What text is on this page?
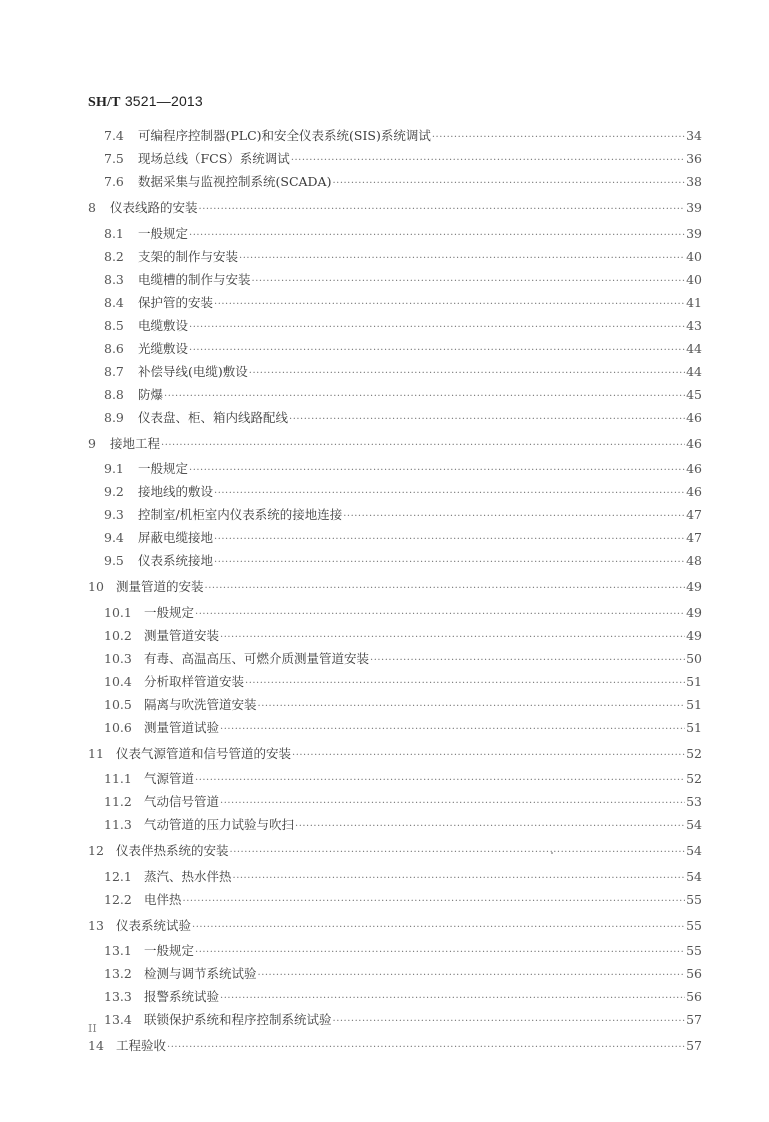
SH/T 3521—2013
7.4	可编程序控制器(PLC)和安全仪表系统(SIS)系统调试 ·····	34
7.5	现场总线（FCS）系统调试 ·····	36
7.6	数据采集与监视控制系统(SCADA) ·····	38
8	仪表线路的安装 ·····	39
8.1	一般规定 ·····	39
8.2	支架的制作与安装 ·····	40
8.3	电缆槽的制作与安装 ·····	40
8.4	保护管的安装 ·····	41
8.5	电缆敷设 ·····	43
8.6	光缆敷设 ·····	44
8.7	补偿导线(电缆)敷设 ·····	44
8.8	防爆 ·····	45
8.9	仪表盘、柜、箱内线路配线 ·····	46
9	接地工程 ·····	46
9.1	一般规定 ·····	46
9.2	接地线的敷设 ·····	46
9.3	控制室/机柜室内仪表系统的接地连接 ·····	47
9.4	屏蔽电缆接地 ·····	47
9.5	仪表系统接地 ·····	48
10 测量管道的安装 ·····	49
10.1 一般规定 ·····	49
10.2 测量管道安装 ·····	49
10.3 有毒、高温高压、可燃介质测量管道安装 ·····	50
10.4 分析取样管道安装 ·····	51
10.5 隔离与吹洗管道安装 ·····	51
10.6 测量管道试验 ·····	51
11 仪表气源管道和信号管道的安装 ·····	52
11.1 气源管道 ·····	52
11.2 气动信号管道 ·····	53
11.3 气动管道的压力试验与吹扫 ·····	54
12 仪表伴热系统的安装 ·····	54
12.1 蒸汽、热水伴热 ·····	54
12.2 电伴热 ·····	55
13 仪表系统试验 ·····	55
13.1 一般规定 ·····	55
13.2 检测与调节系统试验 ·····	56
13.3 报警系统试验 ·····	56
13.4 联锁保护系统和程序控制系统试验 ·····	57
14 工程验收 ·····	57
II
